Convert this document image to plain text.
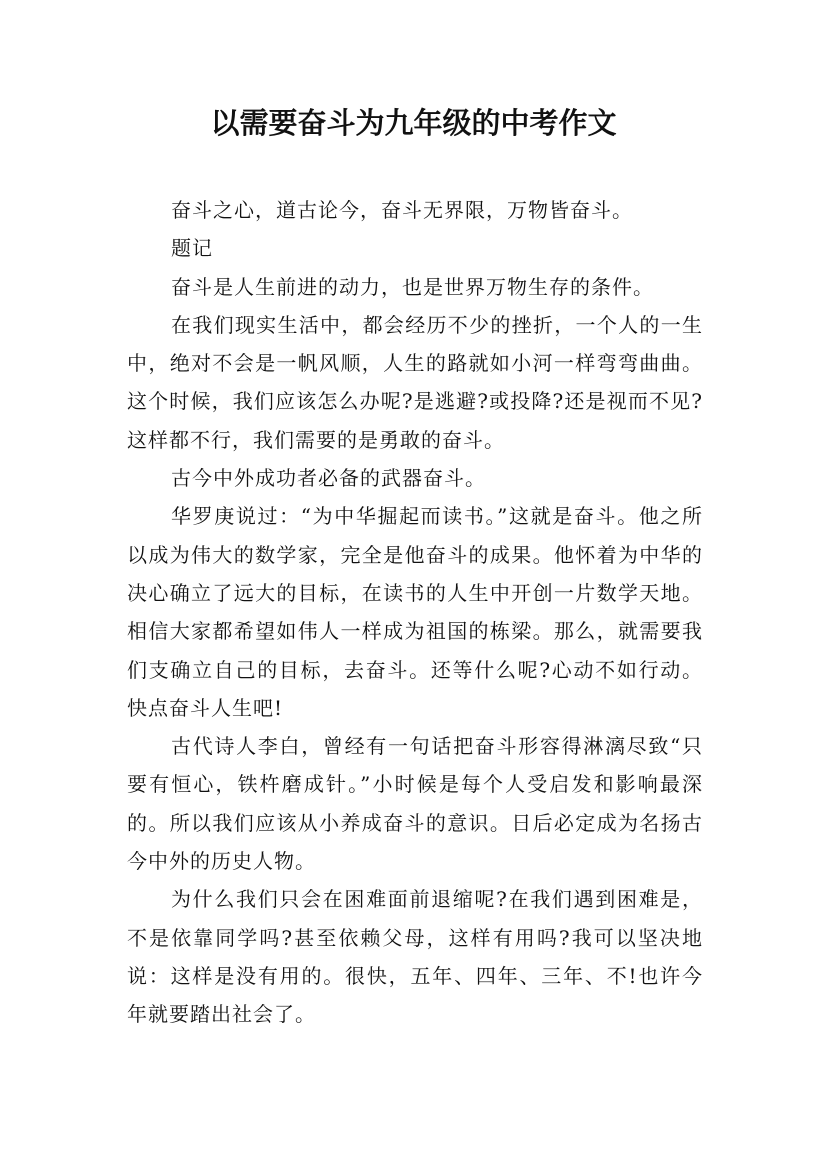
以需要奋斗为九年级的中考作文

奋斗之心，道古论今，奋斗无界限，万物皆奋斗。

题记

奋斗是人生前进的动力，也是世界万物生存的条件。

在我们现实生活中，都会经历不少的挫折，一个人的一生中，绝对不会是一帆风顺，人生的路就如小河一样弯弯曲曲。这个时候，我们应该怎么办呢?是逃避?或投降?还是视而不见?这样都不行，我们需要的是勇敢的奋斗。

古今中外成功者必备的武器奋斗。

华罗庚说过：“为中华掘起而读书。”这就是奋斗。他之所以成为伟大的数学家，完全是他奋斗的成果。他怀着为中华的决心确立了远大的目标，在读书的人生中开创一片数学天地。相信大家都希望如伟人一样成为祖国的栋梁。那么，就需要我们支确立自己的目标，去奋斗。还等什么呢?心动不如行动。快点奋斗人生吧!

古代诗人李白，曾经有一句话把奋斗形容得淋漓尽致“只要有恒心，铁杵磨成针。”小时候是每个人受启发和影响最深的。所以我们应该从小养成奋斗的意识。日后必定成为名扬古今中外的历史人物。

为什么我们只会在困难面前退缩呢?在我们遇到困难是，不是依靠同学吗?甚至依赖父母，这样有用吗?我可以坚决地说：这样是没有用的。很快，五年、四年、三年、不!也许今年就要踏出社会了。
